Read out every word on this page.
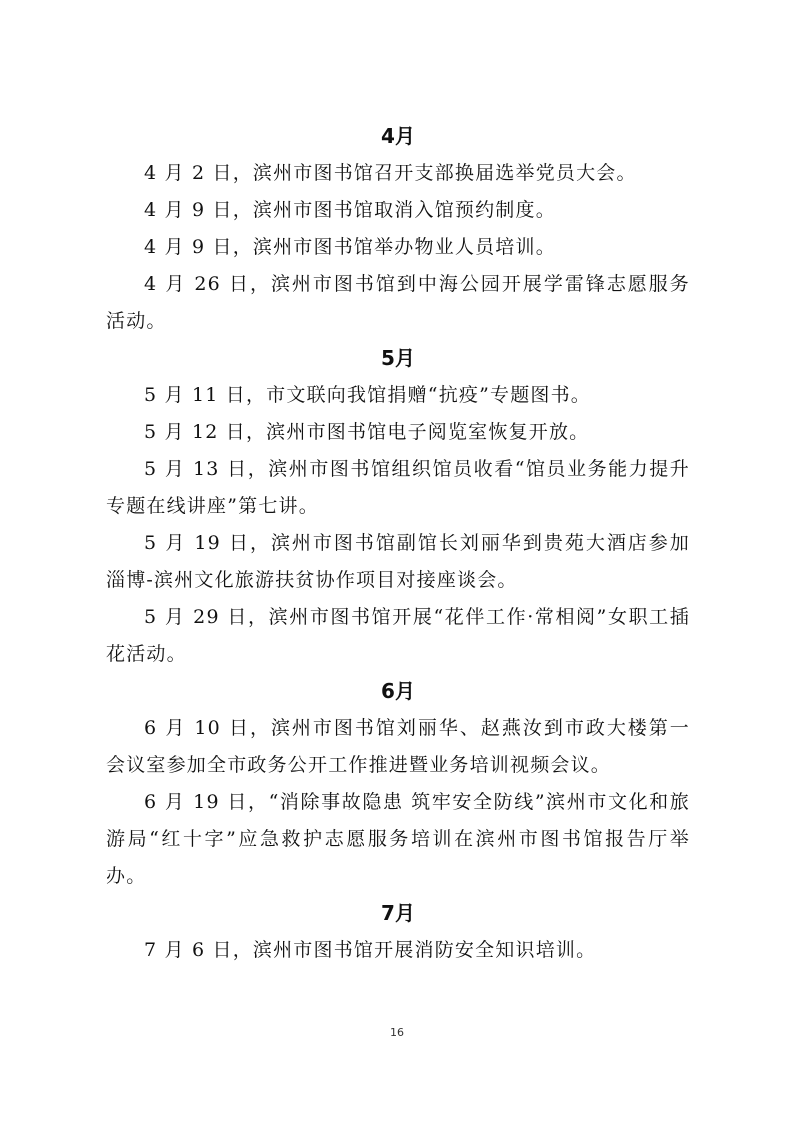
4月

4 月 2 日，滨州市图书馆召开支部换届选举党员大会。

4 月 9 日，滨州市图书馆取消入馆预约制度。

4 月 9 日，滨州市图书馆举办物业人员培训。

4 月 26 日，滨州市图书馆到中海公园开展学雷锋志愿服务活动。

5月

5 月 11 日，市文联向我馆捐赠“抗疫”专题图书。

5 月 12 日，滨州市图书馆电子阅览室恢复开放。

5 月 13 日，滨州市图书馆组织馆员收看“馆员业务能力提升专题在线讲座”第七讲。

5 月 19 日，滨州市图书馆副馆长刘丽华到贵苑大酒店参加淄博-滨州文化旅游扶贫协作项目对接座谈会。

5 月 29 日，滨州市图书馆开展“花伴工作·常相阅”女职工插花活动。

6月

6 月 10 日，滨州市图书馆刘丽华、赵燕汝到市政大楼第一会议室参加全市政务公开工作推进暨业务培训视频会议。

6 月 19 日，“消除事故隐患 筑牢安全防线”滨州市文化和旅游局“红十字”应急救护志愿服务培训在滨州市图书馆报告厅举办。

7月

7 月 6 日，滨州市图书馆开展消防安全知识培训。

16
